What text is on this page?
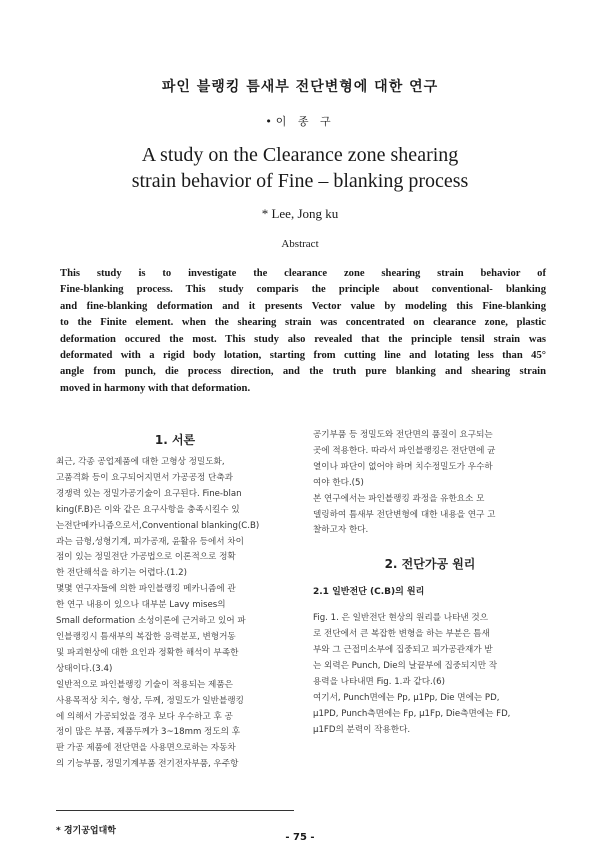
파인 블랭킹 틈새부 전단변형에 대한 연구
•이 종 구
A study on the Clearance zone shearing
strain behavior of Fine – blanking process
* Lee, Jong ku
Abstract
This study is to investigate the clearance zone shearing strain behavior of
Fine-blanking process. This study comparis the principle about conventional- blanking
and fine-blanking deformation and it presents Vector value by modeling this Fine-blanking
to the Finite element. when the shearing strain was concentrated on clearance zone, plastic
deformation occured the most. This study also revealed that the principle tensil strain was
deformated with a rigid body lotation, starting from cutting line and lotating less than 45°
angle from punch, die process direction, and the truth pure blanking and shearing strain
moved in harmony with that deformation.
1. 서론
최근, 각종 공업제품에 대한 고형상 정밀도화,
고품격화 등이 요구되어지면서 가공공정 단축과
경쟁력 있는 정밀가공기술이 요구된다. Fine-blan
king(F.B)은 이와 같은 요구사항을 충족시킬수 있
는전단메카니즘으로서,Conventional blanking(C.B)
과는 금형,성형기계, 피가공재, 윤활유 등에서 차이
점이 있는 정밀전단 가공법으로 이론적으로 정확
한 전단해석을 하기는 어렵다.(1.2)
몇몇 연구자들에 의한 파인블랭킹 메카니즘에 관
한 연구 내용이 있으나 대부분 Lavy mises의
Small deformation 소성이론에 근거하고 있어 파
인블랭킹시 틈새부의 복잡한 응력분포, 변형거동
및 파괴현상에 대한 요인과 정확한 해석이 부족한
상태이다.(3.4)
일반적으로 파인블랭킹 기술이 적용되는 제품은
사용목적상 치수, 형상, 두께, 정밀도가 일반블랭킹
에 의해서 가공되었을 경우 보다 우수하고 후 공
정이 많은 부품, 제품두께가 3~18mm 정도의 후
판 가공 제품에 전단면을 사용면으로하는 자동차
의 기능부품, 정밀기계부품 전기전자부품, 우주항
* 경기공업대학
공기부품 등 정밀도와 전단면의 품질이 요구되는
곳에 적용한다. 따라서 파인블랭킹은 전단면에 균
열이나 파단이 없어야 하며 치수정밀도가 우수하
여야 한다.(5)
본 연구에서는 파인블랭킹 과정을 유한요소 모
델링하여 틈새부 전단변형에 대한 내용을 연구 고
찰하고자 한다.
2. 전단가공 원리
2.1 일반전단 (C.B)의 원리
Fig. 1. 은 일반전단 현상의 원리를 나타낸 것으
로 전단에서 큰 복잡한 변형을 하는 부분은 틈새
부와 그 근접미소부에 집중되고 피가공관재가 받
는 외력은 Punch, Die의 날끝부에 집중되지만 작
용력을 나타내면 Fig. 1.과 같다.(6)
여기서, Punch면에는 Pp, μ1Pp, Die 면에는 PD,
μ1PD, Punch측면에는 Fp, μ1Fp, Die측면에는 FD,
μ1FD의 분력이 작용한다.
- 75 -
